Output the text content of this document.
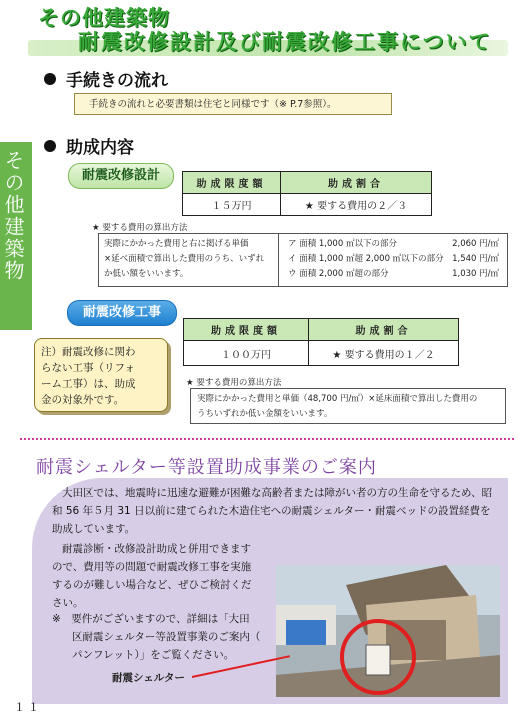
その他建築物
耐震改修設計及び耐震改修工事について
その他建築物
手続きの流れ
手続きの流れと必要書類は住宅と同様です（※ P.7参照）。
助成内容
耐震改修設計
助成限度額	助成割合
１５万円	★ 要する費用の２／３
★ 要する費用の算出方法
実際にかかった費用と右に掲げる単価
×延べ面積で算出した費用のうち、いずれ
か低い額をいいます。
ア 面積 1,000 ㎡以下の部分	2,060 円/㎡
イ 面積 1,000 ㎡超 2,000 ㎡以下の部分 1,540 円/㎡
ウ 面積 2,000 ㎡超の部分	1,030 円/㎡
耐震改修工事
助成限度額	助成割合
１００万円	★ 要する費用の１／２
注）耐震改修に関わ
らない工事（リフォ
ーム工事）は、助成
金の対象外です。
★ 要する費用の算出方法
実際にかかった費用と単価（48,700 円/㎡）×延床面積で算出した費用の
うちいずれか低い金額をいいます。
耐震シェルター等設置助成事業のご案内
大田区では、地震時に迅速な避難が困難な高齢者または障がい者の方の生命を守るため、昭和 56 年５月 31 日以前に建てられた木造住宅への耐震シェルター・耐震ベッドの設置経費を助成しています。
耐震診断・改修設計助成と併用できます
ので、費用等の問題で耐震改修工事を実施
するのが難しい場合など、ぜひご検討くだ
さい。
※　要件がございますので、詳細は「大田
区耐震シェルター等設置事業のご案内（
パンフレット）」をご覧ください。
耐震シェルター
１１
